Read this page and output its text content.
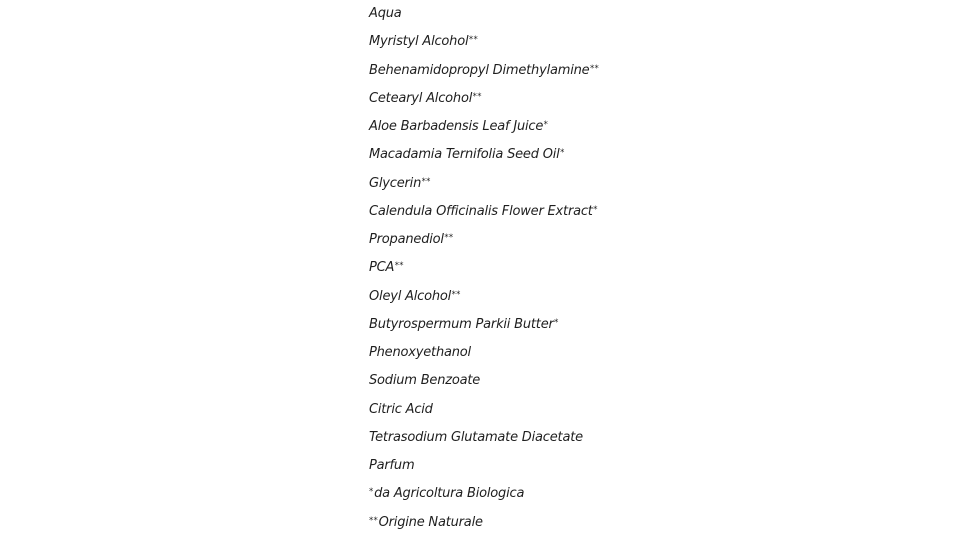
Aqua
Myristyl Alcohol**
Behenamidopropyl Dimethylamine**
Cetearyl Alcohol**
Aloe Barbadensis Leaf Juice*
Macadamia Ternifolia Seed Oil*
Glycerin**
Calendula Officinalis Flower Extract*
Propanediol**
PCA**
Oleyl Alcohol**
Butyrospermum Parkii Butter*
Phenoxyethanol
Sodium Benzoate
Citric Acid
Tetrasodium Glutamate Diacetate
Parfum
*da Agricoltura Biologica
**Origine Naturale
